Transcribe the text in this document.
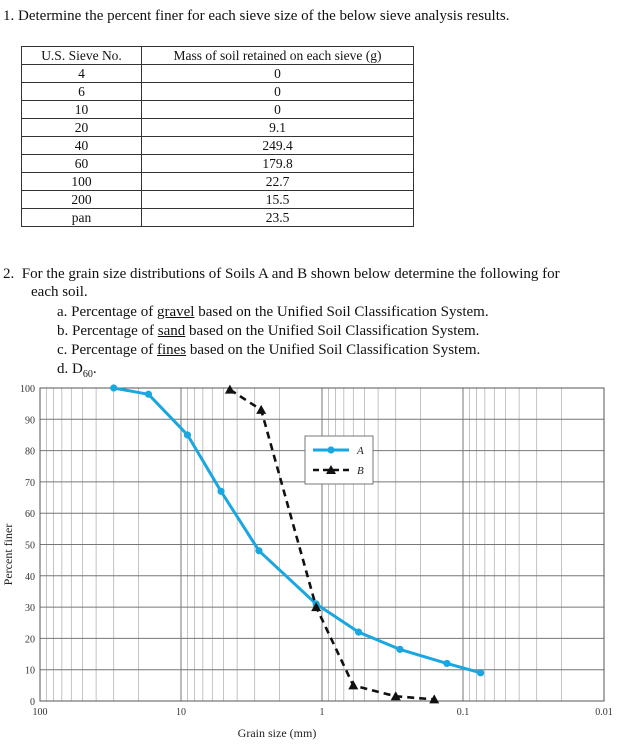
1. Determine the percent finer for each sieve size of the below sieve analysis results.
U.S. Sieve No.	Mass of soil retained on each sieve (g)
4	0
6	0
10	0
20	9.1
40	249.4
60	179.8
100	22.7
200	15.5
pan	23.5
2. For the grain size distributions of Soils A and B shown below determine the following for
each soil.
a. Percentage of gravel based on the Unified Soil Classification System.
b. Percentage of sand based on the Unified Soil Classification System.
c. Percentage of fines based on the Unified Soil Classification System.
d. $D_{60}$.
0
10
20
30
40
50
60
70
80
90
100
100	10	1	0.1	0.01
Grain size (mm)
Percent finer
A
B
